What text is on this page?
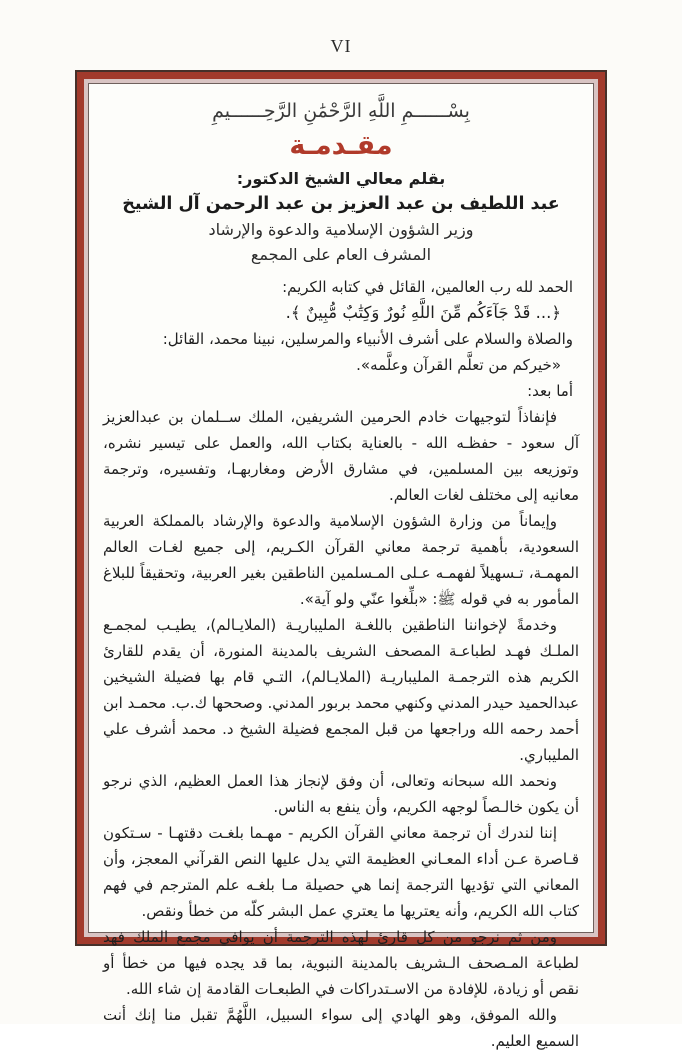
VI
بِسْــــــمِ اللَّهِ الرَّحْمَٰنِ الرَّحِــــــيمِ
مقـدمـة
بقلم معالي الشيخ الدكتور:
عبد اللطيف بن عبد العزيز بن عبد الرحمن آل الشيخ
وزير الشؤون الإسلامية والدعوة والإرشاد
المشرف العام على المجمع

الحمد لله رب العالمين، القائل في كتابه الكريم:

﴿... قَدْ جَآءَكُم مِّنَ اللَّهِ نُورٌ وَكِتَٰبٌ مُّبِينٌ ﴾.

والصلاة والسلام على أشرف الأنبياء والمرسلين، نبينا محمد، القائل:

«خيركم من تعلَّم القرآن وعلَّمه».

أما بعد:

فإنفاذاً لتوجيهات خادم الحرمين الشريفين، الملك ســلمان بن عبدالعزيز آل سعود - حفظـه الله - بالعناية بكتاب الله، والعمل على تيسير نشره، وتوزيعه بين المسلمين، في مشارق الأرض ومغاربهـا، وتفسيره، وترجمة معانيه إلى مختلف لغات العالم.

وإيماناً من وزارة الشؤون الإسلامية والدعوة والإرشاد بالمملكة العربية السعودية، بأهمية ترجمة معاني القرآن الكـريم، إلى جميع لغـات العالم المهمـة، تـسهيلاً لفهمـه عـلى المـسلمين الناطقين بغير العربية، وتحقيقاً للبلاغ المأمور به في قوله ﷺ: «بلِّغوا عنّي ولو آية».

وخدمةً لإخواننا الناطقين باللغـة المليباريـة (الملايـالم)، يطيـب لمجمـع الملـك فهـد لطباعـة المصحف الشريف بالمدينة المنورة، أن يقدم للقارئ الكريم هذه الترجمـة المليباريـة (الملايـالم)، التـي قام بها فضيلة الشيخين عبدالحميد حيدر المدني وكنهي محمد بربور المدني. وصححها ك.ب. محمـد ابن أحمد رحمه الله وراجعها من قبل المجمع فضيلة الشيخ د. محمد أشرف علي المليباري.

ونحمد الله سبحانه وتعالى، أن وفق لإنجاز هذا العمل العظيم، الذي نرجو أن يكون خالـصاً لوجهه الكريم، وأن ينفع به الناس.

إننا لندرك أن ترجمة معاني القرآن الكريم - مهـما بلغـت دقتهـا - سـتكون قـاصرة عـن أداء المعـاني العظيمة التي يدل عليها النص القرآني المعجز، وأن المعاني التي تؤديها الترجمة إنما هي حصيلة مـا بلغـه علم المترجم في فهم كتاب الله الكريم، وأنه يعتريها ما يعتري عمل البشر كلّه من خطأ ونقص.

ومن ثم نرجو من كل قارئ لهذه الترجمة أن يوافي مجمع الملك فهد لطباعة المـصحف الـشريف بالمدينة النبوية، بما قد يجده فيها من خطأ أو نقص أو زيادة، للإفادة من الاسـتدراكات في الطبعـات القادمة إن شاء الله.

والله الموفق، وهو الهادي إلى سواء السبيل، اللَّهُمَّ تقبل منا إنك أنت السميع العليم.
